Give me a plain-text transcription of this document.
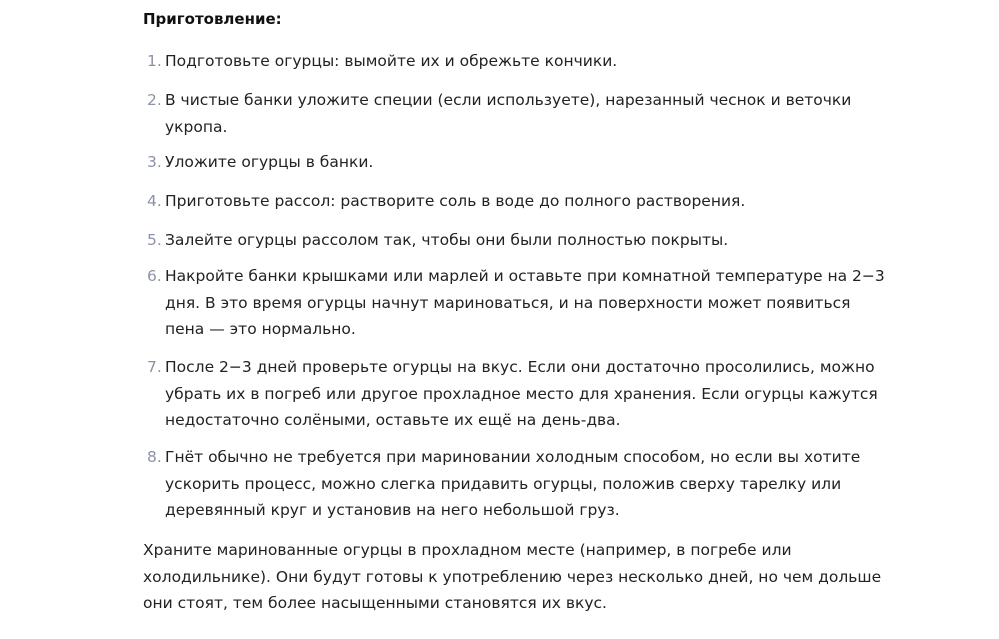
Приготовление:
1. Подготовьте огурцы: вымойте их и обрежьте кончики.
2. В чистые банки уложите специи (если используете), нарезанный чеснок и веточки укропа.
3. Уложите огурцы в банки.
4. Приготовьте рассол: растворите соль в воде до полного растворения.
5. Залейте огурцы рассолом так, чтобы они были полностью покрыты.
6. Накройте банки крышками или марлей и оставьте при комнатной температуре на 2−3 дня. В это время огурцы начнут мариноваться, и на поверхности может появиться пена — это нормально.
7. После 2−3 дней проверьте огурцы на вкус. Если они достаточно просолились, можно убрать их в погреб или другое прохладное место для хранения. Если огурцы кажутся недостаточно солёными, оставьте их ещё на день-два.
8. Гнёт обычно не требуется при мариновании холодным способом, но если вы хотите ускорить процесс, можно слегка придавить огурцы, положив сверху тарелку или деревянный круг и установив на него небольшой груз.

Храните маринованные огурцы в прохладном месте (например, в погребе или холодильнике). Они будут готовы к употреблению через несколько дней, но чем дольше они стоят, тем более насыщенными становятся их вкус.
